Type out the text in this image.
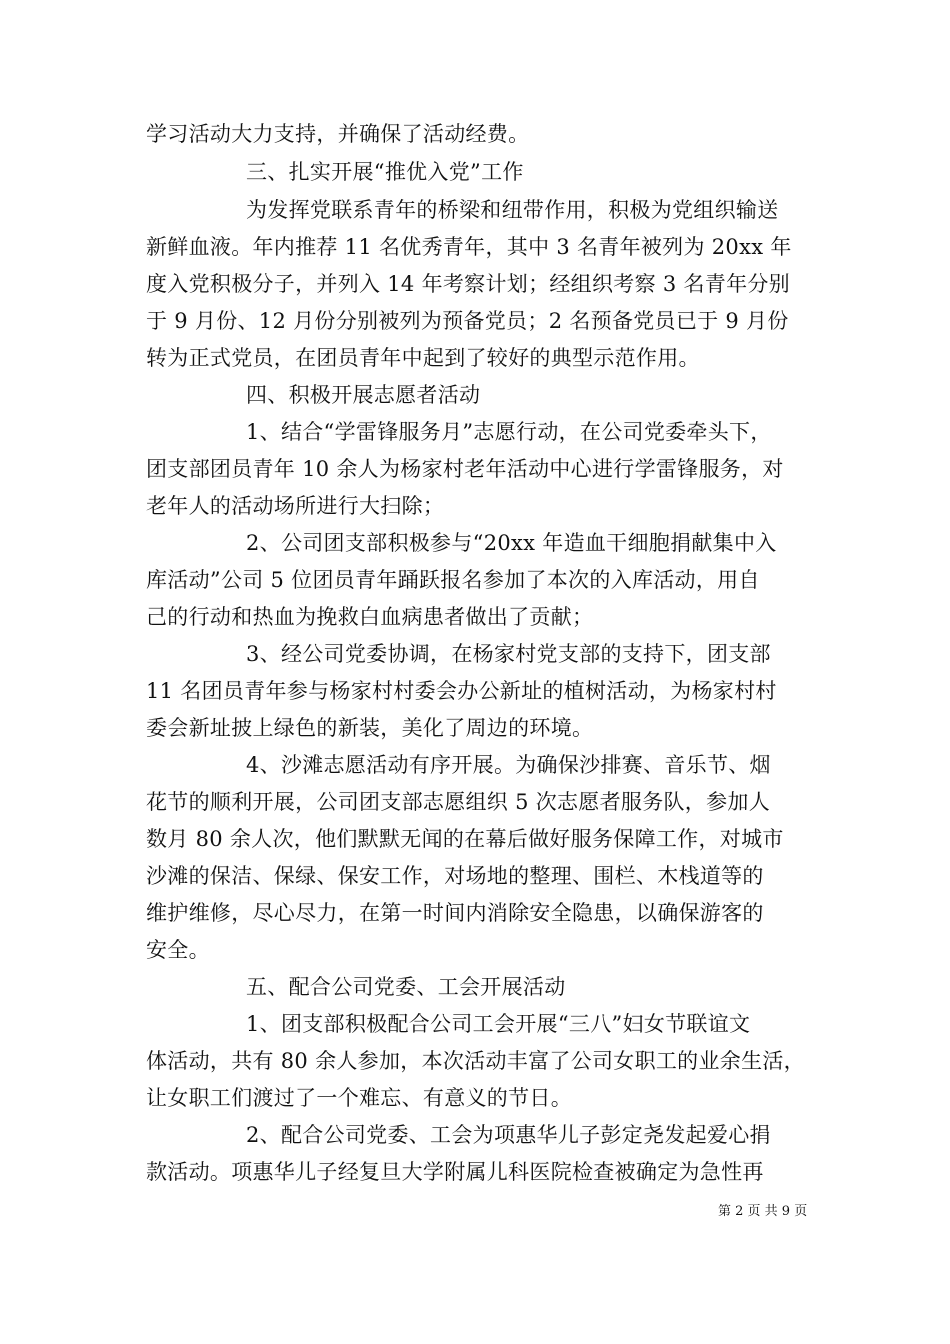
学习活动大力支持，并确保了活动经费。
三、扎实开展“推优入党”工作
为发挥党联系青年的桥梁和纽带作用，积极为党组织输送
新鲜血液。年内推荐 11 名优秀青年，其中 3 名青年被列为 20xx 年
度入党积极分子，并列入 14 年考察计划；经组织考察 3 名青年分别
于 9 月份、12 月份分别被列为预备党员；2 名预备党员已于 9 月份
转为正式党员，在团员青年中起到了较好的典型示范作用。
四、积极开展志愿者活动
1、结合“学雷锋服务月”志愿行动，在公司党委牵头下，
团支部团员青年 10 余人为杨家村老年活动中心进行学雷锋服务，对
老年人的活动场所进行大扫除；
2、公司团支部积极参与“20xx 年造血干细胞捐献集中入
库活动”公司 5 位团员青年踊跃报名参加了本次的入库活动，用自
己的行动和热血为挽救白血病患者做出了贡献；
3、经公司党委协调，在杨家村党支部的支持下，团支部
11 名团员青年参与杨家村村委会办公新址的植树活动，为杨家村村
委会新址披上绿色的新装，美化了周边的环境。
4、沙滩志愿活动有序开展。为确保沙排赛、音乐节、烟
花节的顺利开展，公司团支部志愿组织 5 次志愿者服务队，参加人
数月 80 余人次，他们默默无闻的在幕后做好服务保障工作，对城市
沙滩的保洁、保绿、保安工作，对场地的整理、围栏、木栈道等的
维护维修，尽心尽力，在第一时间内消除安全隐患，以确保游客的
安全。
五、配合公司党委、工会开展活动
1、团支部积极配合公司工会开展“三八”妇女节联谊文
体活动，共有 80 余人参加，本次活动丰富了公司女职工的业余生活，
让女职工们渡过了一个难忘、有意义的节日。
2、配合公司党委、工会为项惠华儿子彭定尧发起爱心捐
款活动。项惠华儿子经复旦大学附属儿科医院检查被确定为急性再
第 2 页 共 9 页
